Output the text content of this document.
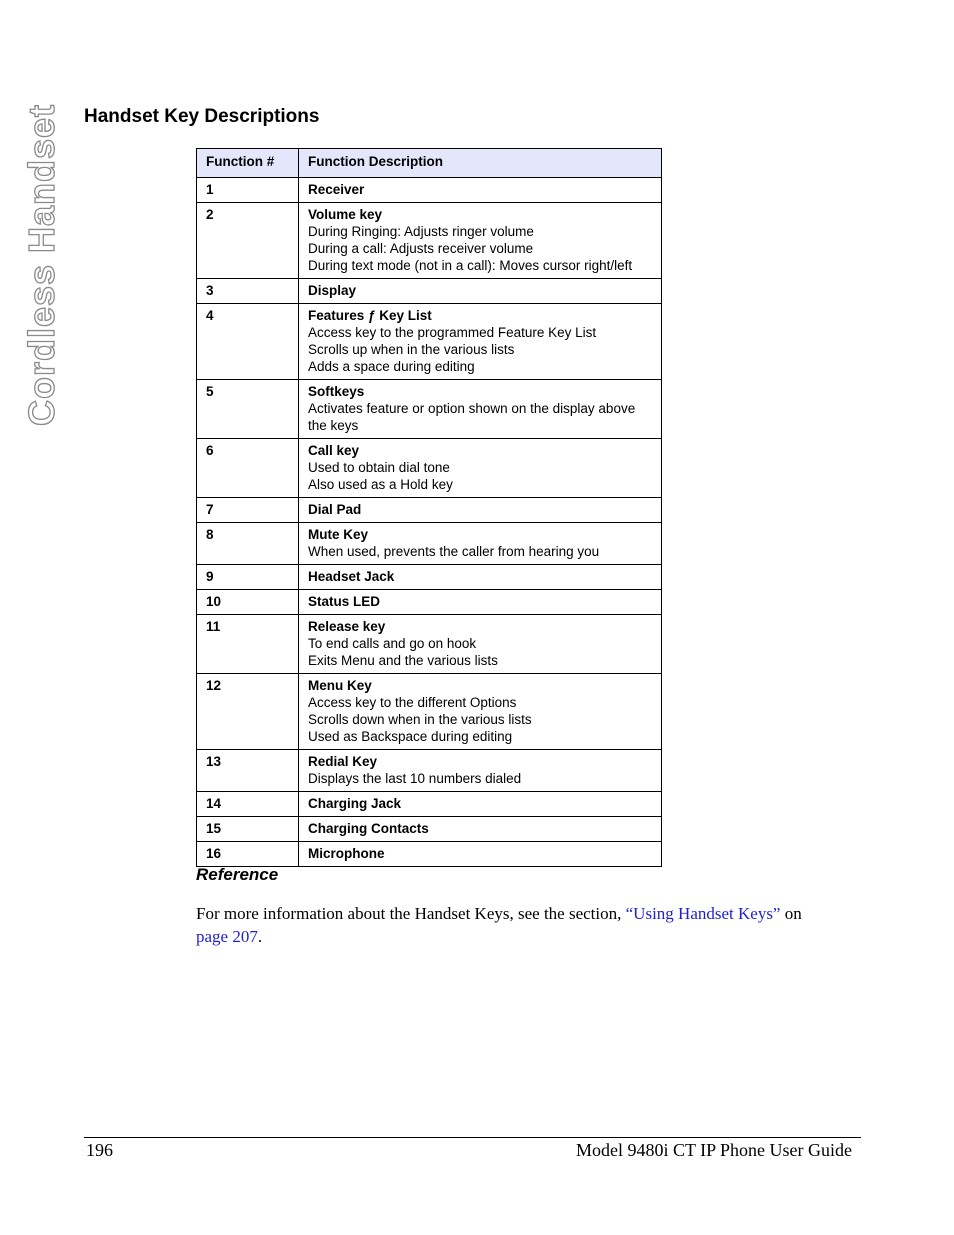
Cordless Handset Handset Key Descriptions
Function #	Function Description
1	Receiver

2	Volume key
During Ringing: Adjusts ringer volume
During a call: Adjusts receiver volume
During text mode (not in a call): Moves cursor right/left

3	Display

4	Features ƒ Key List
Access key to the programmed Feature Key List
Scrolls up when in the various lists
Adds a space during editing

5	Softkeys
Activates feature or option shown on the display above the keys

6	Call key
Used to obtain dial tone
Also used as a Hold key

7	Dial Pad

8	Mute Key
When used, prevents the caller from hearing you

9	Headset Jack

10	Status LED

11	Release key
To end calls and go on hook
Exits Menu and the various lists

12	Menu Key
Access key to the different Options
Scrolls down when in the various lists
Used as Backspace during editing

13	Redial Key
Displays the last 10 numbers dialed

14	Charging Jack

15	Charging Contacts

16	Microphone
Reference

For more information about the Handset Keys, see the section, “Using Handset Keys” on page 207.

196	Model 9480i CT IP Phone User Guide
